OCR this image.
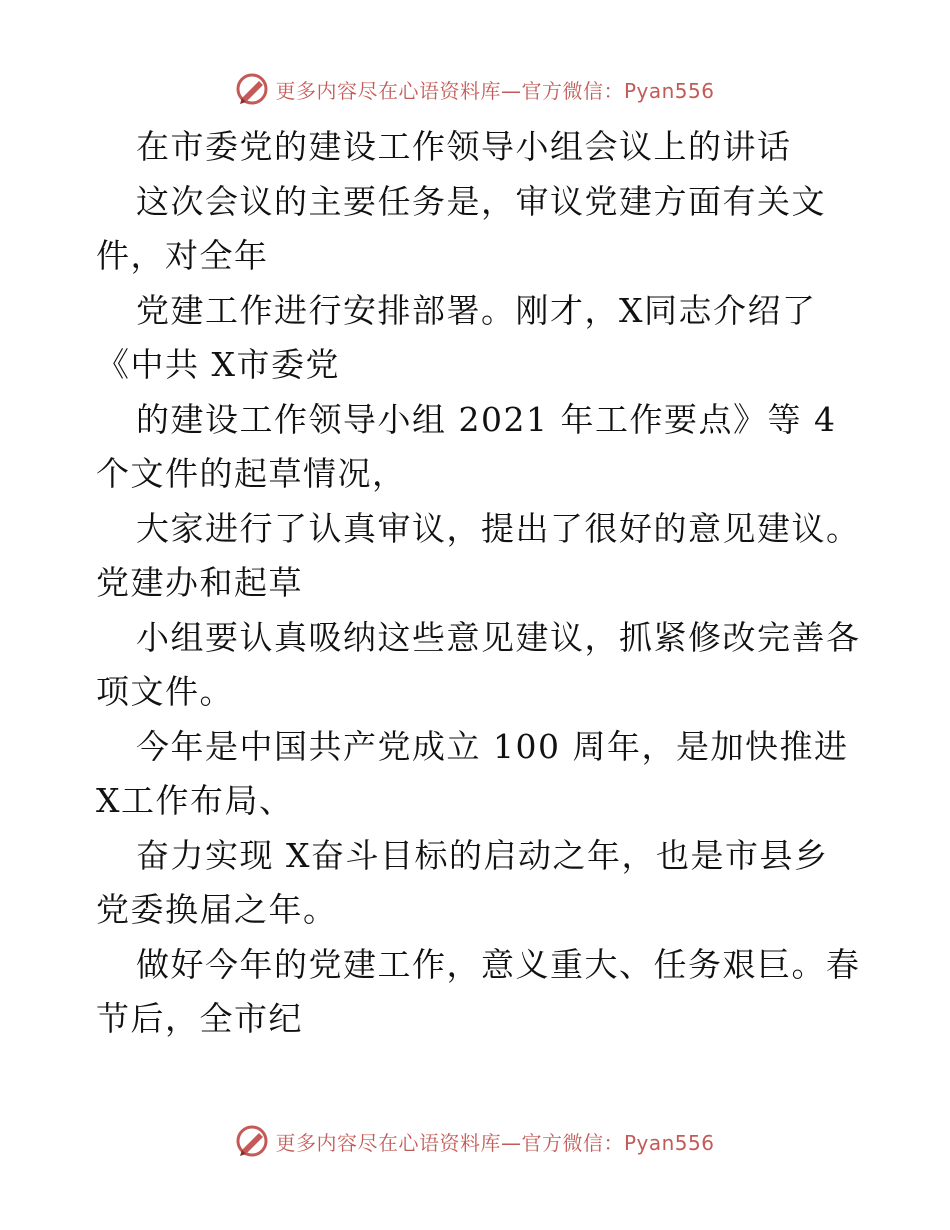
更多内容尽在心语资料库—官方微信：Pyan556
在市委党的建设工作领导小组会议上的讲话
这次会议的主要任务是，审议党建方面有关文
件，对全年
党建工作进行安排部署。刚才，X同志介绍了
《中共 X市委党
的建设工作领导小组 2021 年工作要点》等 4
个文件的起草情况，
大家进行了认真审议，提出了很好的意见建议。
党建办和起草
小组要认真吸纳这些意见建议，抓紧修改完善各
项文件。
今年是中国共产党成立 100 周年，是加快推进
X工作布局、
奋力实现 X奋斗目标的启动之年，也是市县乡
党委换届之年。
做好今年的党建工作，意义重大、任务艰巨。春
节后，全市纪
更多内容尽在心语资料库—官方微信：Pyan556
